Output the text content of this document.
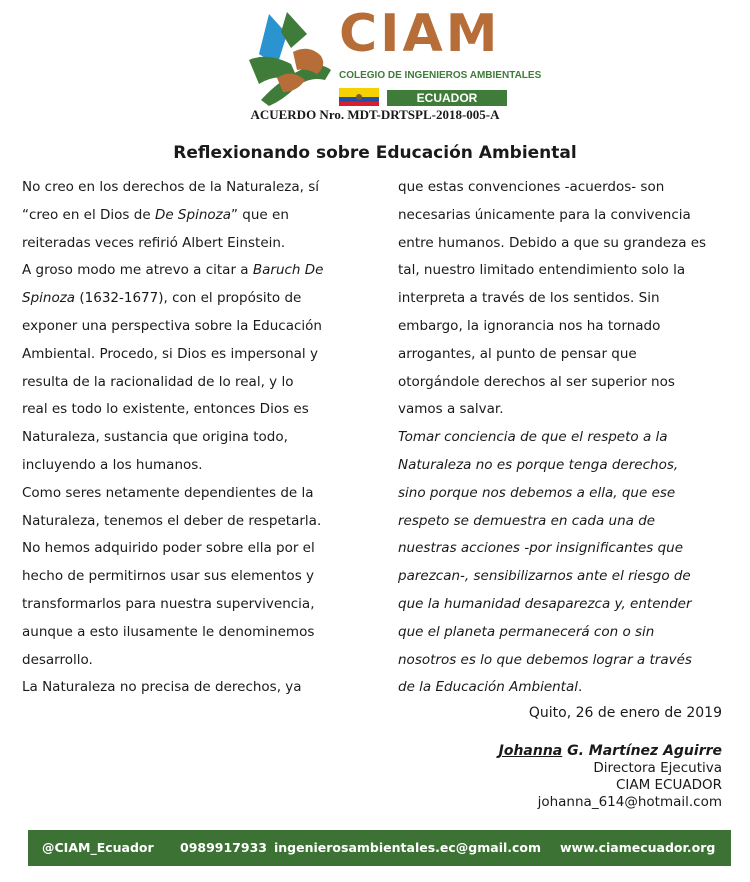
CIAM
COLEGIO DE INGENIEROS AMBIENTALES
ECUADOR
ACUERDO Nro. MDT-DRTSPL-2018-005-A
Reflexionando sobre Educación Ambiental
No creo en los derechos de la Naturaleza, sí
“creo en el Dios de De Spinoza” que en
reiteradas veces refirió Albert Einstein.
A groso modo me atrevo a citar a Baruch De
Spinoza (1632-1677), con el propósito de
exponer una perspectiva sobre la Educación
Ambiental. Procedo, si Dios es impersonal y
resulta de la racionalidad de lo real, y lo
real es todo lo existente, entonces Dios es
Naturaleza, sustancia que origina todo,
incluyendo a los humanos.
Como seres netamente dependientes de la
Naturaleza, tenemos el deber de respetarla.
No hemos adquirido poder sobre ella por el
hecho de permitirnos usar sus elementos y
transformarlos para nuestra supervivencia,
aunque a esto ilusamente le denominemos
desarrollo.
La Naturaleza no precisa de derechos, ya
que estas convenciones -acuerdos- son
necesarias únicamente para la convivencia
entre humanos. Debido a que su grandeza es
tal, nuestro limitado entendimiento solo la
interpreta a través de los sentidos. Sin
embargo, la ignorancia nos ha tornado
arrogantes, al punto de pensar que
otorgándole derechos al ser superior nos
vamos a salvar.
Tomar conciencia de que el respeto a la
Naturaleza no es porque tenga derechos,
sino porque nos debemos a ella, que ese
respeto se demuestra en cada una de
nuestras acciones -por insignificantes que
parezcan-, sensibilizarnos ante el riesgo de
que la humanidad desaparezca y, entender
que el planeta permanecerá con o sin
nosotros es lo que debemos lograr a través
de la Educación Ambiental.
Quito, 26 de enero de 2019
Johanna G. Martínez Aguirre
Directora Ejecutiva
CIAM ECUADOR
johanna_614@hotmail.com
@CIAM_Ecuador 0989917933 ingenierosambientales.ec@gmail.com www.ciamecuador.org
